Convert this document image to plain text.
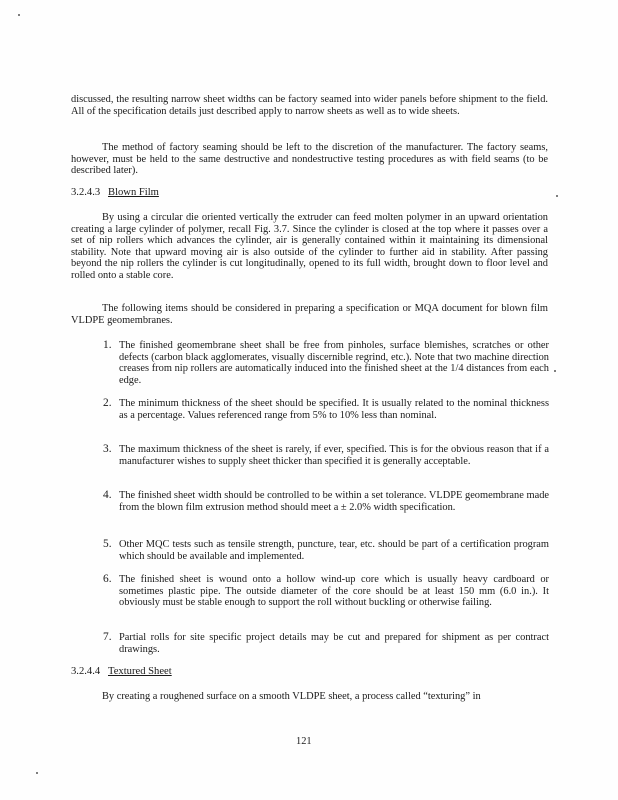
discussed, the resulting narrow sheet widths can be factory seamed into wider panels before shipment to the field. All of the specification details just described apply to narrow sheets as well as to wide sheets.

The method of factory seaming should be left to the discretion of the manufacturer. The factory seams, however, must be held to the same destructive and nondestructive testing procedures as with field seams (to be described later).

3.2.4.3 Blown Film

By using a circular die oriented vertically the extruder can feed molten polymer in an upward orientation creating a large cylinder of polymer, recall Fig. 3.7. Since the cylinder is closed at the top where it passes over a set of nip rollers which advances the cylinder, air is generally contained within it maintaining its dimensional stability. Note that upward moving air is also outside of the cylinder to further aid in stability. After passing beyond the nip rollers the cylinder is cut longitudinally, opened to its full width, brought down to floor level and rolled onto a stable core.

The following items should be considered in preparing a specification or MQA document for blown film VLDPE geomembranes.

1. The finished geomembrane sheet shall be free from pinholes, surface blemishes, scratches or other defects (carbon black agglomerates, visually discernible regrind, etc.). Note that two machine direction creases from nip rollers are automatically induced into the finished sheet at the 1/4 distances from each edge.
2. The minimum thickness of the sheet should be specified. It is usually related to the nominal thickness as a percentage. Values referenced range from 5% to 10% less than nominal.
3. The maximum thickness of the sheet is rarely, if ever, specified. This is for the obvious reason that if a manufacturer wishes to supply sheet thicker than specified it is generally acceptable.
4. The finished sheet width should be controlled to be within a set tolerance. VLDPE geomembrane made from the blown film extrusion method should meet a ± 2.0% width specification.
5. Other MQC tests such as tensile strength, puncture, tear, etc. should be part of a certification program which should be available and implemented.
6. The finished sheet is wound onto a hollow wind-up core which is usually heavy cardboard or sometimes plastic pipe. The outside diameter of the core should be at least 150 mm (6.0 in.). It obviously must be stable enough to support the roll without buckling or otherwise failing.
7. Partial rolls for site specific project details may be cut and prepared for shipment as per contract drawings.

3.2.4.4 Textured Sheet

By creating a roughened surface on a smooth VLDPE sheet, a process called “texturing” in

121
